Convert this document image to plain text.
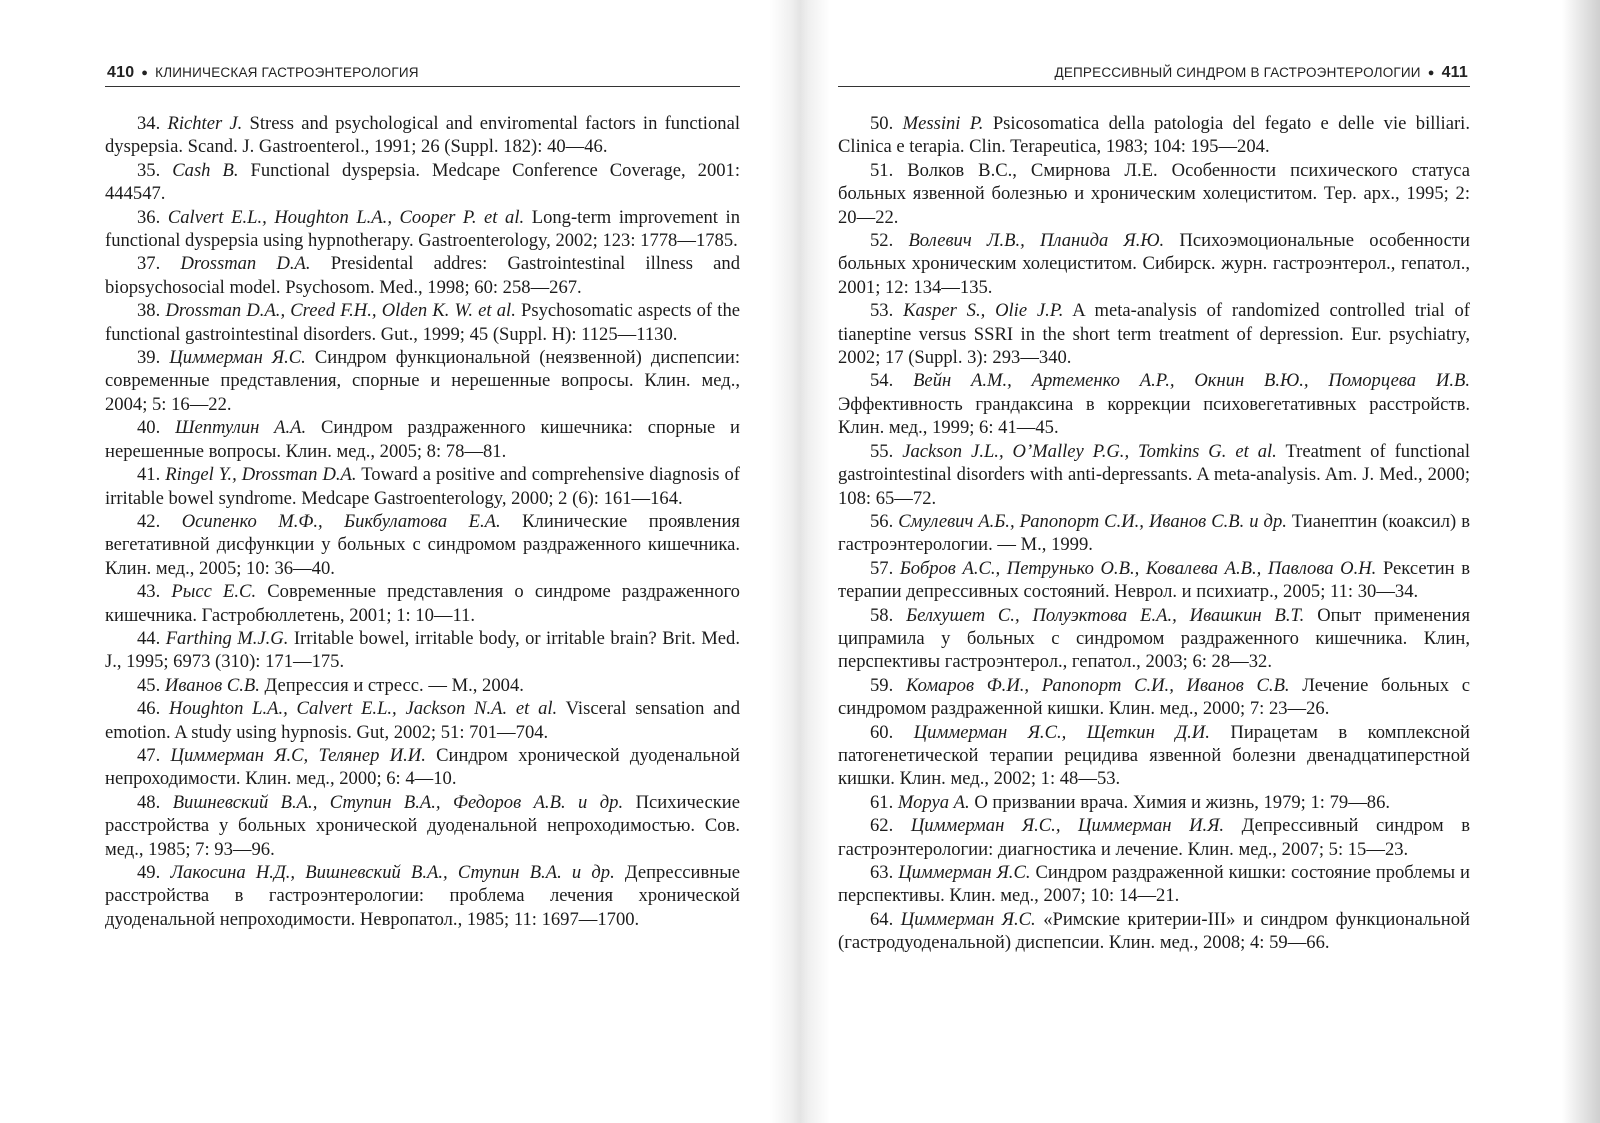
410 ● КЛИНИЧЕСКАЯ ГАСТРОЭНТЕРОЛОГИЯ

34. Richter J. Stress and psychological and enviromental factors in functional dyspepsia. Scand. J. Gastroenterol., 1991; 26 (Suppl. 182): 40—46.

35. Cash B. Functional dyspepsia. Medcape Conference Coverage, 2001: 444547.

36. Calvert E.L., Houghton L.A., Cooper P. et al. Long-term improvement in functional dyspepsia using hypnotherapy. Gastroenterology, 2002; 123: 1778—1785.

37. Drossman D.A. Presidental addres: Gastrointestinal illness and biopsychosocial model. Psychosom. Med., 1998; 60: 258—267.

38. Drossman D.A., Creed F.H., Olden K. W. et al. Psychosomatic aspects of the functional gastrointestinal disorders. Gut., 1999; 45 (Suppl. H): 1125—1130.

39. Циммерман Я.С. Синдром функциональной (неязвенной) диспепсии: современные представления, спорные и нерешенные вопросы. Клин. мед., 2004; 5: 16—22.

40. Шептулин А.А. Синдром раздраженного кишечника: спорные и нерешенные вопросы. Клин. мед., 2005; 8: 78—81.

41. Ringel Y., Drossman D.A. Toward a positive and comprehensive diagnosis of irritable bowel syndrome. Medcape Gastroenterology, 2000; 2 (6): 161—164.

42. Осипенко М.Ф., Бикбулатова Е.А. Клинические проявления вегетативной дисфункции у больных с синдромом раздраженного кишечника. Клин. мед., 2005; 10: 36—40.

43. Рысс Е.С. Современные представления о синдроме раздраженного кишечника. Гастробюллетень, 2001; 1: 10—11.

44. Farthing M.J.G. Irritable bowel, irritable body, or irritable brain? Brit. Med. J., 1995; 6973 (310): 171—175.

45. Иванов С.В. Депрессия и стресс. — М., 2004.

46. Houghton L.A., Calvert E.L., Jackson N.A. et al. Visceral sensation and emotion. A study using hypnosis. Gut, 2002; 51: 701—704.

47. Циммерман Я.С, Телянер И.И. Синдром хронической дуоденальной непроходимости. Клин. мед., 2000; 6: 4—10.

48. Вишневский В.А., Ступин В.А., Федоров А.В. и др. Психические расстройства у больных хронической дуоденальной непроходимостью. Сов. мед., 1985; 7: 93—96.

49. Лакосина Н.Д., Вишневский В.А., Ступин В.А. и др. Депрессивные расстройства в гастроэнтерологии: проблема лечения хронической дуоденальной непроходимости. Невропатол., 1985; 11: 1697—1700.

ДЕПРЕССИВНЫЙ СИНДРОМ В ГАСТРОЭНТЕРОЛОГИИ ● 411

50. Messini P. Psicosomatica della patologia del fegato e delle vie billiari. Clinica e terapia. Clin. Terapeutica, 1983; 104: 195—204.

51. Волков В.С., Смирнова Л.Е. Особенности психического статуса больных язвенной болезнью и хроническим холециститом. Тер. арх., 1995; 2: 20—22.

52. Волевич Л.В., Планида Я.Ю. Психоэмоциональные особенности больных хроническим холециститом. Сибирск. журн. гастроэнтерол., гепатол., 2001; 12: 134—135.

53. Kasper S., Olie J.P. A meta-analysis of randomized controlled trial of tianeptine versus SSRI in the short term treatment of depression. Eur. psychiatry, 2002; 17 (Suppl. 3): 293—340.

54. Вейн А.М., Артеменко А.Р., Окнин В.Ю., Поморцева И.В. Эффективность грандаксина в коррекции психовегетативных расстройств. Клин. мед., 1999; 6: 41—45.

55. Jackson J.L., O’Malley P.G., Tomkins G. et al. Treatment of functional gastrointestinal disorders with anti-depressants. A meta-analysis. Am. J. Med., 2000; 108: 65—72.

56. Смулевич А.Б., Рапопорт С.И., Иванов С.В. и др. Тианептин (коаксил) в гастроэнтерологии. — М., 1999.

57. Бобров А.С., Петрунько О.В., Ковалева А.В., Павлова О.Н. Рексетин в терапии депрессивных состояний. Неврол. и психиатр., 2005; 11: 30—34.

58. Белхушет С., Полуэктова Е.А., Ивашкин В.Т. Опыт применения ципрамила у больных с синдромом раздраженного кишечника. Клин, перспективы гастроэнтерол., гепатол., 2003; 6: 28—32.

59. Комаров Ф.И., Рапопорт С.И., Иванов С.В. Лечение больных с синдромом раздраженной кишки. Клин. мед., 2000; 7: 23—26.

60. Циммерман Я.С., Щеткин Д.И. Пирацетам в комплексной патогенетической терапии рецидива язвенной болезни двенадцатиперстной кишки. Клин. мед., 2002; 1: 48—53.

61. Моруа А. О призвании врача. Химия и жизнь, 1979; 1: 79—86.

62. Циммерман Я.С., Циммерман И.Я. Депрессивный синдром в гастроэнтерологии: диагностика и лечение. Клин. мед., 2007; 5: 15—23.

63. Циммерман Я.С. Синдром раздраженной кишки: состояние проблемы и перспективы. Клин. мед., 2007; 10: 14—21.

64. Циммерман Я.С. «Римские критерии-III» и синдром функциональной (гастродуоденальной) диспепсии. Клин. мед., 2008; 4: 59—66.
